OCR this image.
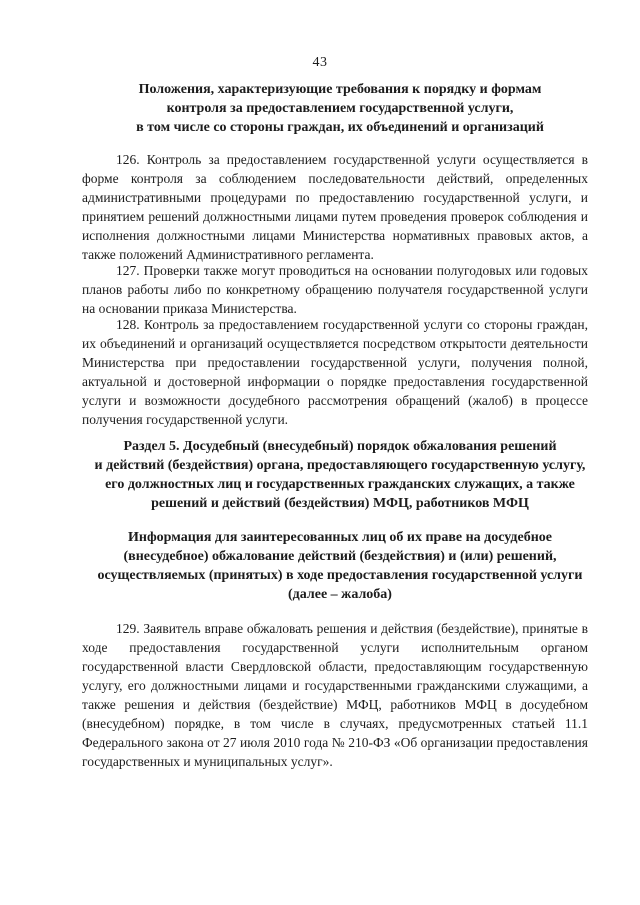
43
Положения, характеризующие требования к порядку и формам
контроля за предоставлением государственной услуги,
в том числе со стороны граждан, их объединений и организаций

126. Контроль за предоставлением государственной услуги осуществляется в форме контроля за соблюдением последовательности действий, определенных административными процедурами по предоставлению государственной услуги, и принятием решений должностными лицами путем проведения проверок соблюдения и исполнения должностными лицами Министерства нормативных правовых актов, а также положений Административного регламента.

127. Проверки также могут проводиться на основании полугодовых или годовых планов работы либо по конкретному обращению получателя государственной услуги на основании приказа Министерства.

128. Контроль за предоставлением государственной услуги со стороны граждан, их объединений и организаций осуществляется посредством открытости деятельности Министерства при предоставлении государственной услуги, получения полной, актуальной и достоверной информации о порядке предоставления государственной услуги и возможности досудебного рассмотрения обращений (жалоб) в процессе получения государственной услуги.

Раздел 5. Досудебный (внесудебный) порядок обжалования решений
и действий (бездействия) органа, предоставляющего государственную услугу,
его должностных лиц и государственных гражданских служащих, а также
решений и действий (бездействия) МФЦ, работников МФЦ
Информация для заинтересованных лиц об их праве на досудебное
(внесудебное) обжалование действий (бездействия) и (или) решений,
осуществляемых (принятых) в ходе предоставления государственной услуги
(далее – жалоба)

129. Заявитель вправе обжаловать решения и действия (бездействие), принятые в ходе предоставления государственной услуги исполнительным органом государственной власти Свердловской области, предоставляющим государственную услугу, его должностными лицами и государственными гражданскими служащими, а также решения и действия (бездействие) МФЦ, работников МФЦ в досудебном (внесудебном) порядке, в том числе в случаях, предусмотренных статьей 11.1 Федерального закона от 27 июля 2010 года № 210-ФЗ «Об организации предоставления государственных и муниципальных услуг».
